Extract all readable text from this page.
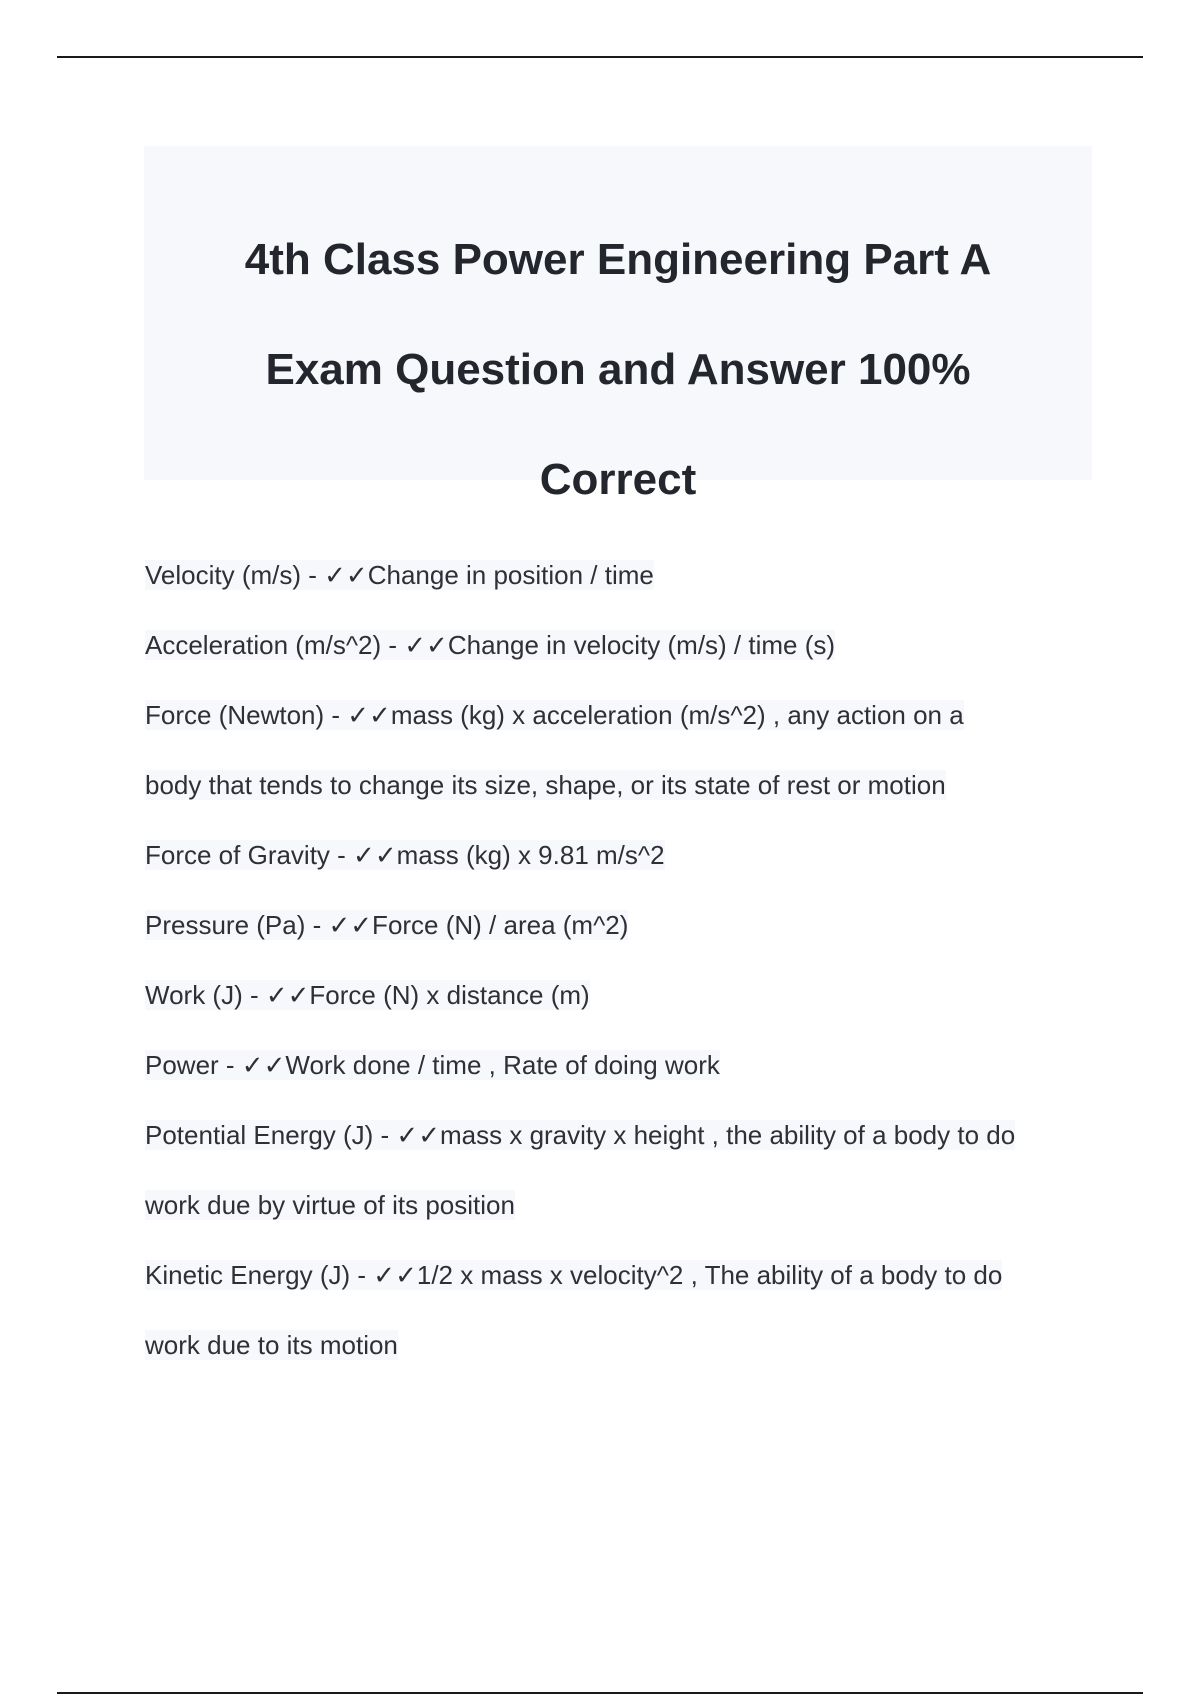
4th Class Power Engineering Part A
Exam Question and Answer 100%
Correct

Velocity (m/s) - ✓✓Change in position / time

Acceleration (m/s^2) - ✓✓Change in velocity (m/s) / time (s)

Force (Newton) - ✓✓mass (kg) x acceleration (m/s^2) , any action on a

body that tends to change its size, shape, or its state of rest or motion

Force of Gravity - ✓✓mass (kg) x 9.81 m/s^2

Pressure (Pa) - ✓✓Force (N) / area (m^2)

Work (J) - ✓✓Force (N) x distance (m)

Power - ✓✓Work done / time , Rate of doing work

Potential Energy (J) - ✓✓mass x gravity x height , the ability of a body to do

work due by virtue of its position

Kinetic Energy (J) - ✓✓1/2 x mass x velocity^2 , The ability of a body to do

work due to its motion
